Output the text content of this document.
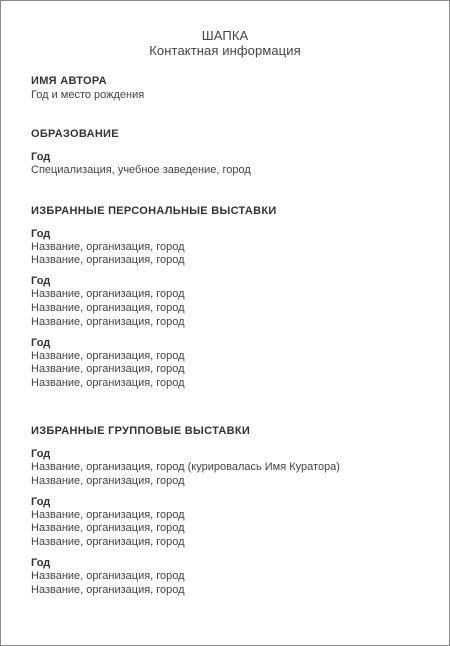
ШАПКА
Контактная информация
ИМЯ АВТОРА
Год и место рождения
ОБРАЗОВАНИЕ
Год
Специализация, учебное заведение, город
ИЗБРАННЫЕ ПЕРСОНАЛЬНЫЕ ВЫСТАВКИ
Год
Название, организация, город
Название, организация, город
Год
Название, организация, город
Название, организация, город
Название, организация, город
Год
Название, организация, город
Название, организация, город
Название, организация, город
ИЗБРАННЫЕ ГРУППОВЫЕ ВЫСТАВКИ
Год
Название, организация, город (курировалась Имя Куратора)
Название, организация, город
Год
Название, организация, город
Название, организация, город
Название, организация, город
Год
Название, организация, город
Название, организация, город
